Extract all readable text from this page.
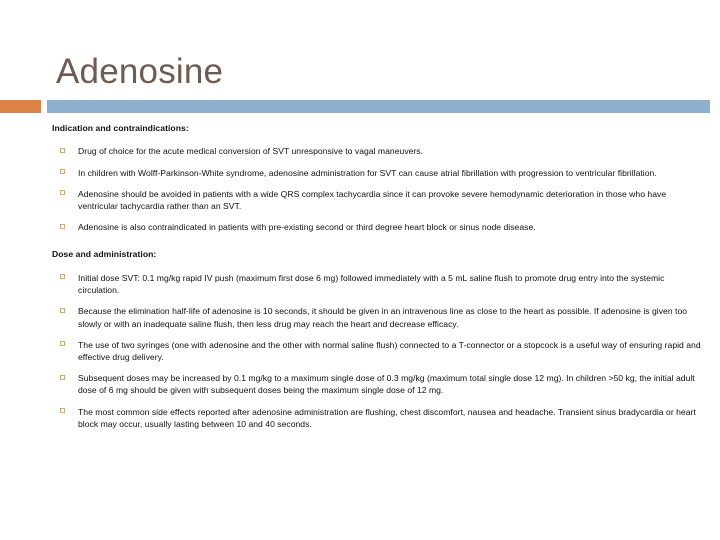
Adenosine
Indication and contraindications:
Drug of choice for the acute medical conversion of SVT unresponsive to vagal maneuvers.
In children with Wolff-Parkinson-White syndrome, adenosine administration for SVT can cause atrial fibrillation with progression to ventricular fibrillation.
Adenosine should be avoided in patients with a wide QRS complex tachycardia since it can provoke severe hemodynamic deterioration in those who have ventricular tachycardia rather than an SVT.
Adenosine is also contraindicated in patients with pre-existing second or third degree heart block or sinus node disease.
Dose and administration:
Initial dose SVT: 0.1 mg/kg rapid IV push (maximum first dose 6 mg) followed immediately with a 5 mL saline flush to promote drug entry into the systemic circulation.
Because the elimination half-life of adenosine is 10 seconds, it should be given in an intravenous line as close to the heart as possible. If adenosine is given too slowly or with an inadequate saline flush, then less drug may reach the heart and decrease efficacy.
The use of two syringes (one with adenosine and the other with normal saline flush) connected to a T-connector or a stopcock is a useful way of ensuring rapid and effective drug delivery.
Subsequent doses may be increased by 0.1 mg/kg to a maximum single dose of 0.3 mg/kg (maximum total single dose 12 mg). In children >50 kg, the initial adult dose of 6 mg should be given with subsequent doses being the maximum single dose of 12 mg.
The most common side effects reported after adenosine administration are flushing, chest discomfort, nausea and headache. Transient sinus bradycardia or heart block may occur, usually lasting between 10 and 40 seconds.
